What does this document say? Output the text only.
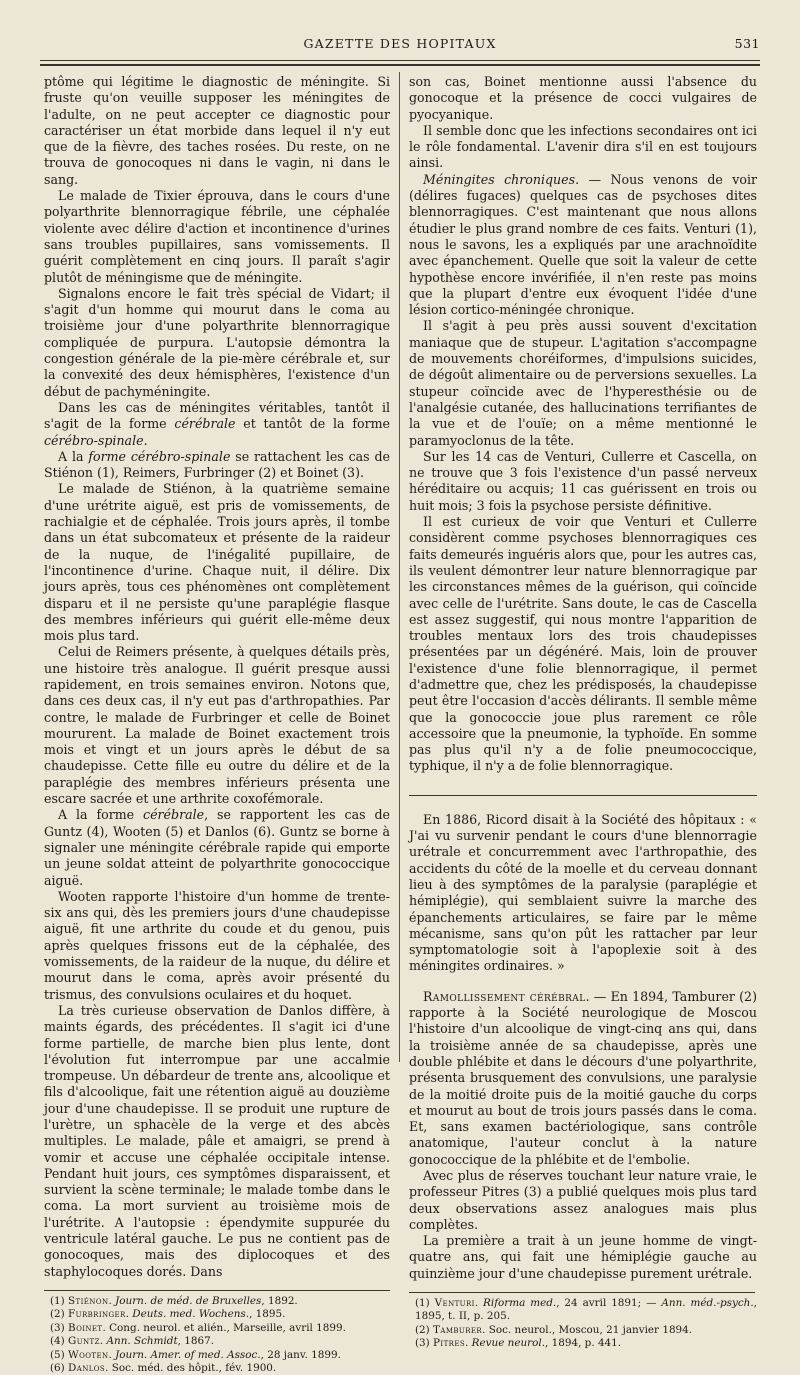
GAZETTE DES HOPITAUX	531

ptôme qui légitime le diagnostic de méningite. Si fruste qu'on veuille supposer les méningites de l'adulte, on ne peut accepter ce diagnostic pour caractériser un état morbide dans lequel il n'y eut que de la fièvre, des taches rosées. Du reste, on ne trouva de gonocoques ni dans le vagin, ni dans le sang.

Le malade de Tixier éprouva, dans le cours d'une polyarthrite blennorragique fébrile, une céphalée violente avec délire d'action et incontinence d'urines sans troubles pupillaires, sans vomissements. Il guérit complètement en cinq jours. Il paraît s'agir plutôt de méningisme que de méningite.

Signalons encore le fait très spécial de Vidart; il s'agit d'un homme qui mourut dans le coma au troisième jour d'une polyarthrite blennorragique compliquée de purpura. L'autopsie démontra la congestion générale de la pie-mère cérébrale et, sur la convexité des deux hémisphères, l'existence d'un début de pachyméningite.

Dans les cas de méningites véritables, tantôt il s'agit de la forme cérébrale et tantôt de la forme cérébro-spinale.

A la forme cérébro-spinale se rattachent les cas de Stiénon (1), Reimers, Furbringer (2) et Boinet (3).

Le malade de Stiénon, à la quatrième semaine d'une urétrite aiguë, est pris de vomissements, de rachialgie et de céphalée. Trois jours après, il tombe dans un état subcomateux et présente de la raideur de la nuque, de l'inégalité pupillaire, de l'incontinence d'urine. Chaque nuit, il délire. Dix jours après, tous ces phénomènes ont complètement disparu et il ne persiste qu'une paraplégie flasque des membres inférieurs qui guérit elle-même deux mois plus tard.

Celui de Reimers présente, à quelques détails près, une histoire très analogue. Il guérit presque aussi rapidement, en trois semaines environ. Notons que, dans ces deux cas, il n'y eut pas d'arthropathies. Par contre, le malade de Furbringer et celle de Boinet moururent. La malade de Boinet exactement trois mois et vingt et un jours après le début de sa chaudepisse. Cette fille eu outre du délire et de la paraplégie des membres inférieurs présenta une escare sacrée et une arthrite coxofémorale.

A la forme cérébrale, se rapportent les cas de Guntz (4), Wooten (5) et Danlos (6). Guntz se borne à signaler une méningite cérébrale rapide qui emporte un jeune soldat atteint de polyarthrite gonococcique aiguë.

Wooten rapporte l'histoire d'un homme de trente-six ans qui, dès les premiers jours d'une chaudepisse aiguë, fit une arthrite du coude et du genou, puis après quelques frissons eut de la céphalée, des vomissements, de la raideur de la nuque, du délire et mourut dans le coma, après avoir présenté du trismus, des convulsions oculaires et du hoquet.

La très curieuse observation de Danlos diffère, à maints égards, des précédentes. Il s'agit ici d'une forme partielle, de marche bien plus lente, dont l'évolution fut interrompue par une accalmie trompeuse. Un débardeur de trente ans, alcoolique et fils d'alcoolique, fait une rétention aiguë au douzième jour d'une chaudepisse. Il se produit une rupture de l'urètre, un sphacèle de la verge et des abcès multiples. Le malade, pâle et amaigri, se prend à vomir et accuse une céphalée occipitale intense. Pendant huit jours, ces symptômes disparaissent, et survient la scène terminale; le malade tombe dans le coma. La mort survient au troisième mois de l'urétrite. A l'autopsie : épendymite suppurée du ventricule latéral gauche. Le pus ne contient pas de gonocoques, mais des diplocoques et des staphylocoques dorés. Dans

(1) Stiénon. Journ. de méd. de Bruxelles, 1892.
(2) Furbringer. Deuts. med. Wochens., 1895.
(3) Boinet. Cong. neurol. et alién., Marseille, avril 1899.
(4) Guntz. Ann. Schmidt, 1867.
(5) Wooten. Journ. Amer. of med. Assoc., 28 janv. 1899.
(6) Danlos. Soc. méd. des hôpit., fév. 1900.

son cas, Boinet mentionne aussi l'absence du gonocoque et la présence de cocci vulgaires de pyocyanique.

Il semble donc que les infections secondaires ont ici le rôle fondamental. L'avenir dira s'il en est toujours ainsi.

Méningites chroniques. — Nous venons de voir (délires fugaces) quelques cas de psychoses dites blennorragiques. C'est maintenant que nous allons étudier le plus grand nombre de ces faits. Venturi (1), nous le savons, les a expliqués par une arachnoïdite avec épanchement. Quelle que soit la valeur de cette hypothèse encore invérifiée, il n'en reste pas moins que la plupart d'entre eux évoquent l'idée d'une lésion cortico-méningée chronique.

Il s'agit à peu près aussi souvent d'excitation maniaque que de stupeur. L'agitation s'accompagne de mouvements choréiformes, d'impulsions suicides, de dégoût alimentaire ou de perversions sexuelles. La stupeur coïncide avec de l'hyperesthésie ou de l'analgésie cutanée, des hallucinations terrifiantes de la vue et de l'ouïe; on a même mentionné le paramyoclonus de la tête.

Sur les 14 cas de Venturi, Cullerre et Cascella, on ne trouve que 3 fois l'existence d'un passé nerveux héréditaire ou acquis; 11 cas guérissent en trois ou huit mois; 3 fois la psychose persiste définitive.

Il est curieux de voir que Venturi et Cullerre considèrent comme psychoses blennorragiques ces faits demeurés inguéris alors que, pour les autres cas, ils veulent démontrer leur nature blennorragique par les circonstances mêmes de la guérison, qui coïncide avec celle de l'urétrite. Sans doute, le cas de Cascella est assez suggestif, qui nous montre l'apparition de troubles mentaux lors des trois chaudepisses présentées par un dégénéré. Mais, loin de prouver l'existence d'une folie blennorragique, il permet d'admettre que, chez les prédisposés, la chaudepisse peut être l'occasion d'accès délirants. Il semble même que la gonococcie joue plus rarement ce rôle accessoire que la pneumonie, la typhoïde. En somme pas plus qu'il n'y a de folie pneumococcique, typhique, il n'y a de folie blennorragique.

En 1886, Ricord disait à la Société des hôpitaux : « J'ai vu survenir pendant le cours d'une blennorragie urétrale et concurremment avec l'arthropathie, des accidents du côté de la moelle et du cerveau donnant lieu à des symptômes de la paralysie (paraplégie et hémiplégie), qui semblaient suivre la marche des épanchements articulaires, se faire par le même mécanisme, sans qu'on pût les rattacher par leur symptomatologie soit à l'apoplexie soit à des méningites ordinaires. »

Ramollissement cérébral. — En 1894, Tamburer (2) rapporte à la Société neurologique de Moscou l'histoire d'un alcoolique de vingt-cinq ans qui, dans la troisième année de sa chaudepisse, après une double phlébite et dans le décours d'une polyarthrite, présenta brusquement des convulsions, une paralysie de la moitié droite puis de la moitié gauche du corps et mourut au bout de trois jours passés dans le coma. Et, sans examen bactériologique, sans contrôle anatomique, l'auteur conclut à la nature gonococcique de la phlébite et de l'embolie.

Avec plus de réserves touchant leur nature vraie, le professeur Pitres (3) a publié quelques mois plus tard deux observations assez analogues mais plus complètes.

La première a trait à un jeune homme de vingt-quatre ans, qui fait une hémiplégie gauche au quinzième jour d'une chaudepisse purement urétrale.

(1) Venturi. Riforma med., 24 avril 1891; — Ann. méd.-psych., 1895, t. II, p. 205.
(2) Tamburer. Soc. neurol., Moscou, 21 janvier 1894.
(3) Pitres. Revue neurol., 1894, p. 441.
